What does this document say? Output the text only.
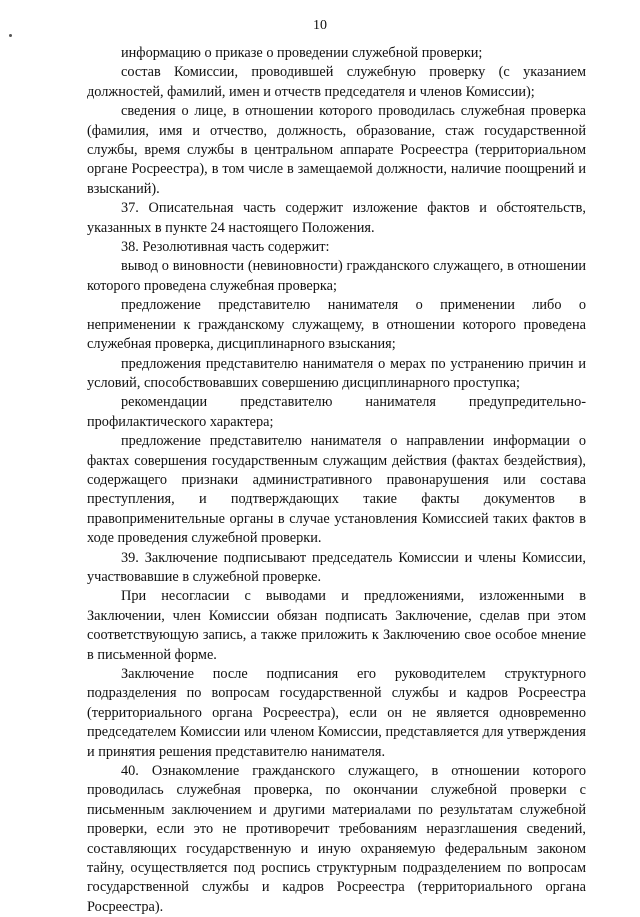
10

информацию о приказе о проведении служебной проверки;

состав Комиссии, проводившей служебную проверку (с указанием должностей, фамилий, имен и отчеств председателя и членов Комиссии);

сведения о лице, в отношении которого проводилась служебная проверка (фамилия, имя и отчество, должность, образование, стаж государственной службы, время службы в центральном аппарате Росреестра (территориальном органе Росреестра), в том числе в замещаемой должности, наличие поощрений и взысканий).

37. Описательная часть содержит изложение фактов и обстоятельств, указанных в пункте 24 настоящего Положения.

38. Резолютивная часть содержит:

вывод о виновности (невиновности) гражданского служащего, в отношении которого проведена служебная проверка;

предложение представителю нанимателя о применении либо о неприменении к гражданскому служащему, в отношении которого проведена служебная проверка, дисциплинарного взыскания;

предложения представителю нанимателя о мерах по устранению причин и условий, способствовавших совершению дисциплинарного проступка;

рекомендации представителю нанимателя предупредительно-профилактического характера;

предложение представителю нанимателя о направлении информации о фактах совершения государственным служащим действия (фактах бездействия), содержащего признаки административного правонарушения или состава преступления, и подтверждающих такие факты документов в правоприменительные органы в случае установления Комиссией таких фактов в ходе проведения служебной проверки.

39. Заключение подписывают председатель Комиссии и члены Комиссии, участвовавшие в служебной проверке.

При несогласии с выводами и предложениями, изложенными в Заключении, член Комиссии обязан подписать Заключение, сделав при этом соответствующую запись, а также приложить к Заключению свое особое мнение в письменной форме.

Заключение после подписания его руководителем структурного подразделения по вопросам государственной службы и кадров Росреестра (территориального органа Росреестра), если он не является одновременно председателем Комиссии или членом Комиссии, представляется для утверждения и принятия решения представителю нанимателя.

40. Ознакомление гражданского служащего, в отношении которого проводилась служебная проверка, по окончании служебной проверки с письменным заключением и другими материалами по результатам служебной проверки, если это не противоречит требованиям неразглашения сведений, составляющих государственную и иную охраняемую федеральным законом тайну, осуществляется под роспись структурным подразделением по вопросам государственной службы и кадров Росреестра (территориального органа Росреестра).
